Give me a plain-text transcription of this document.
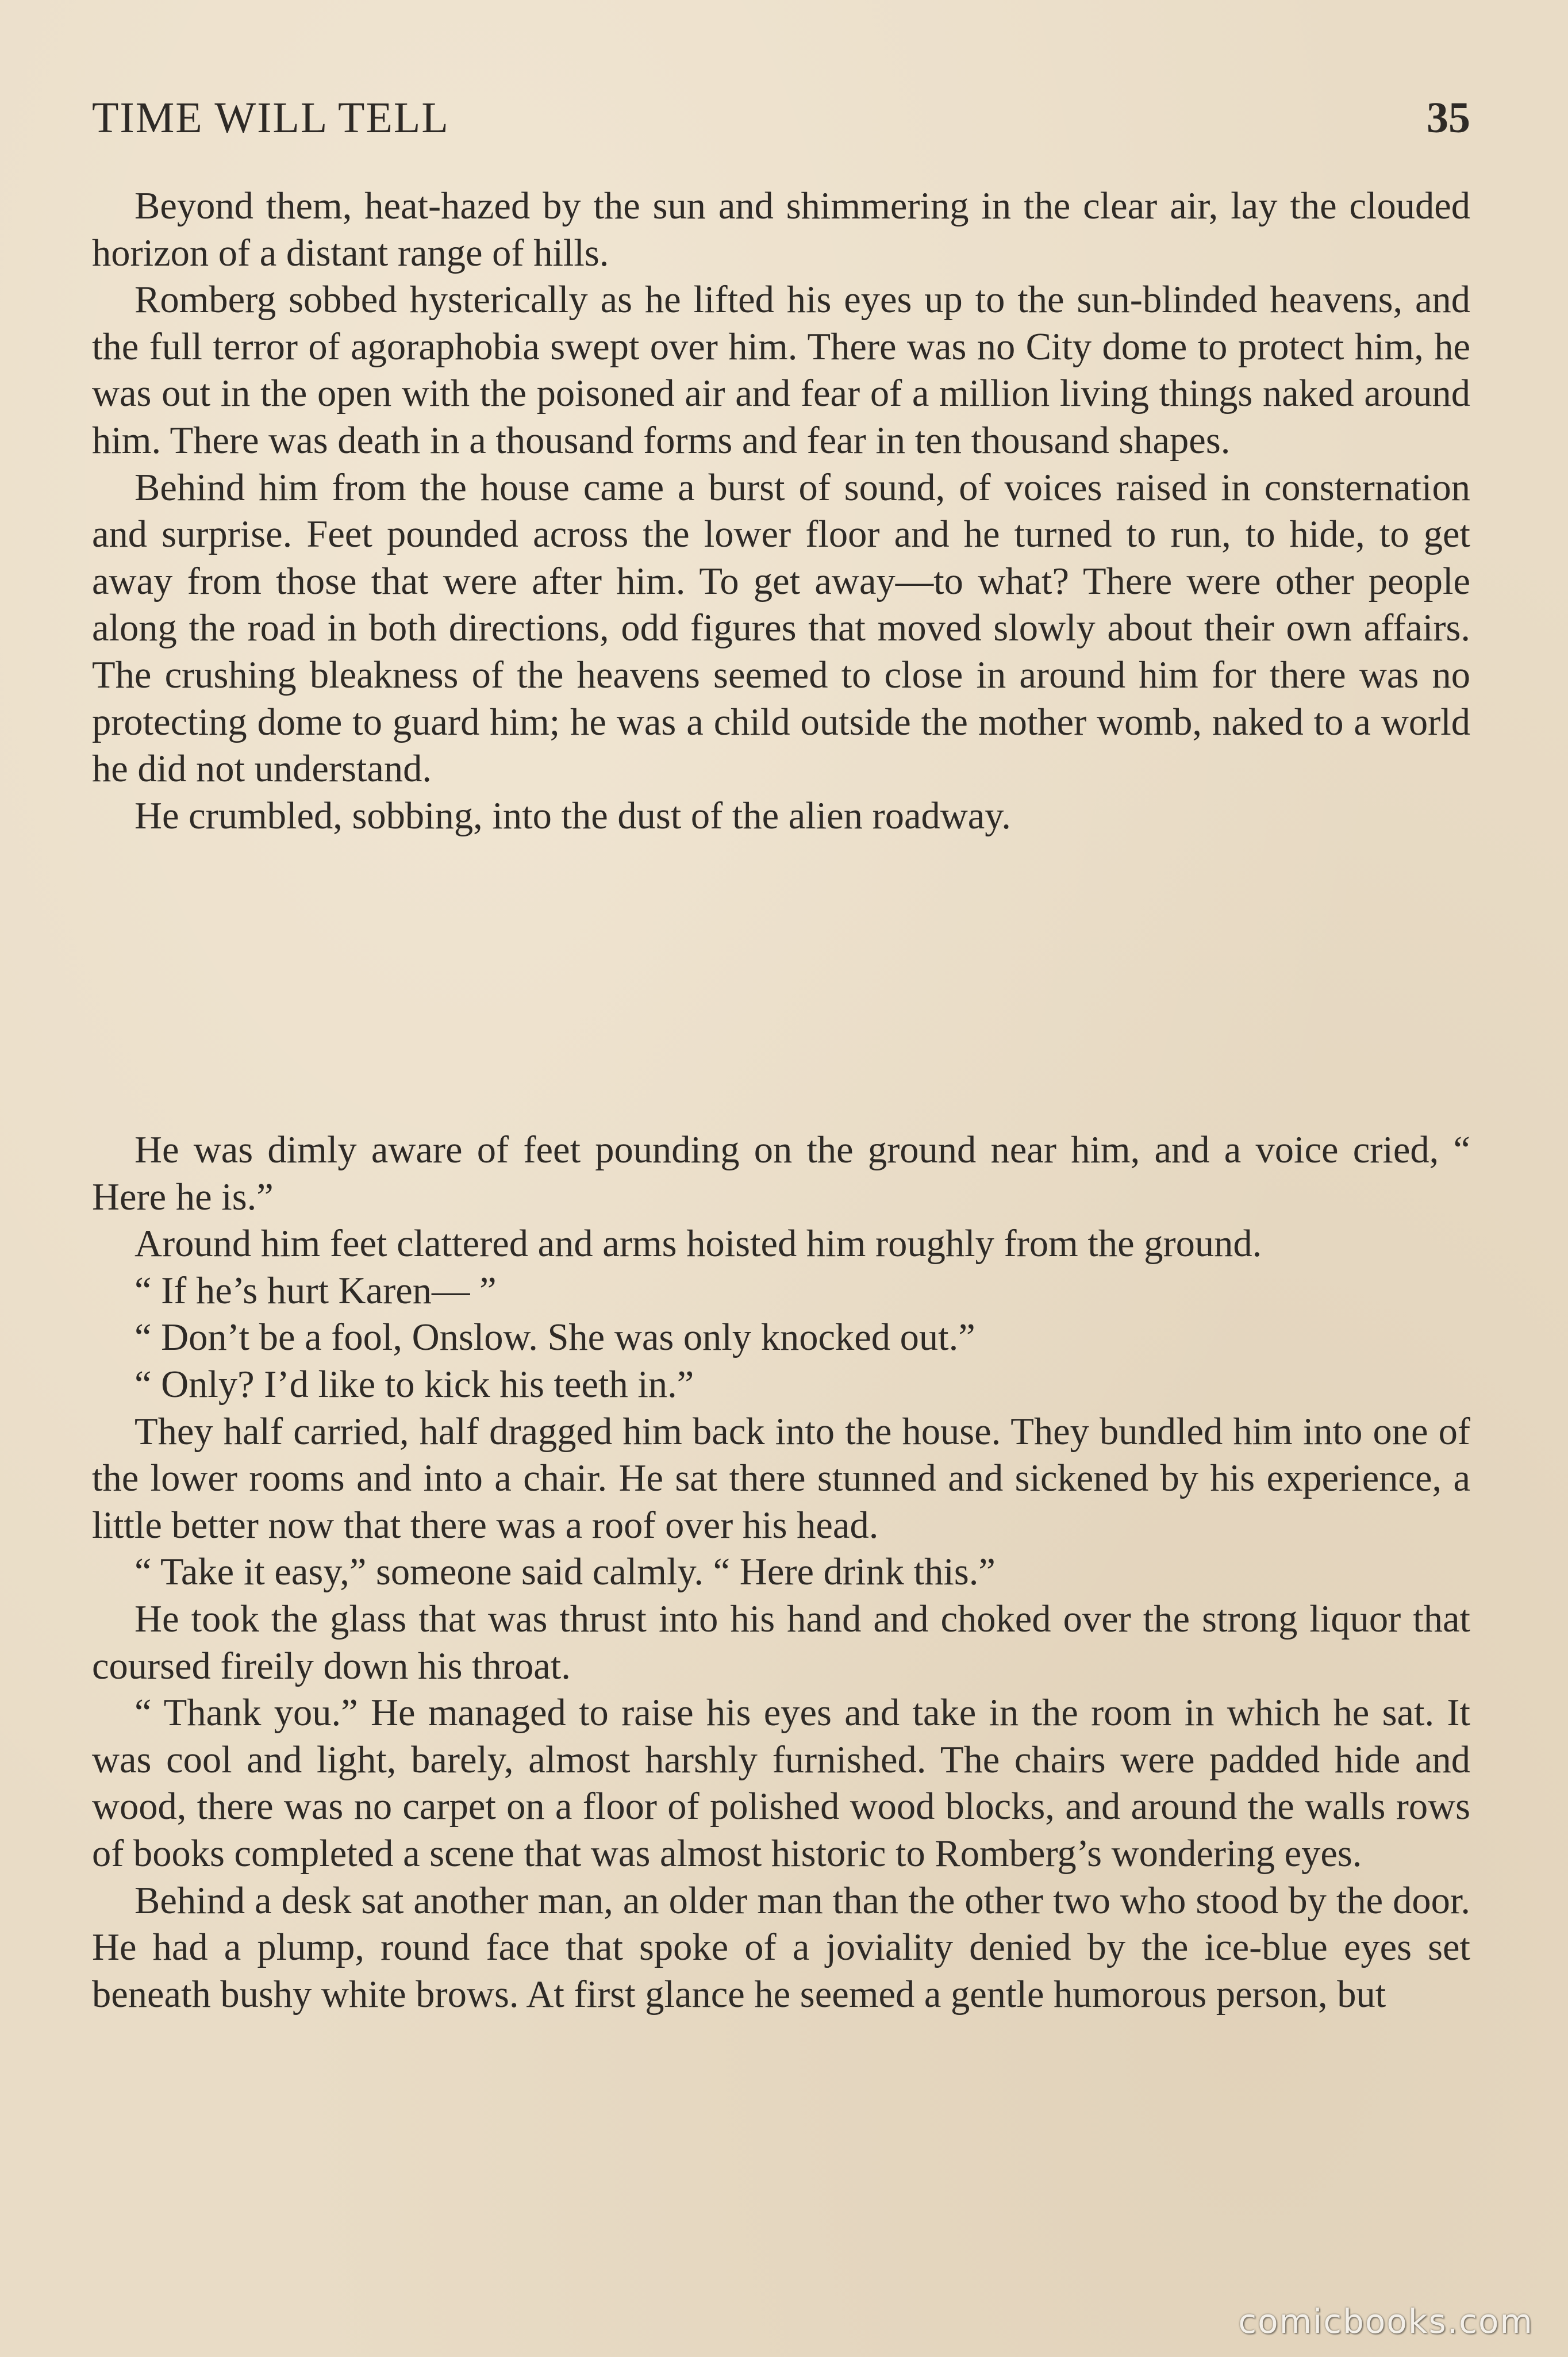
TIME WILL TELL	35

Beyond them, heat-hazed by the sun and shimmering in the clear air, lay the clouded horizon of a distant range of hills.

Romberg sobbed hysterically as he lifted his eyes up to the sun-blinded heavens, and the full terror of agoraphobia swept over him. There was no City dome to protect him, he was out in the open with the poisoned air and fear of a million living things naked around him. There was death in a thousand forms and fear in ten thousand shapes.

Behind him from the house came a burst of sound, of voices raised in consternation and surprise. Feet pounded across the lower floor and he turned to run, to hide, to get away from those that were after him. To get away—to what? There were other people along the road in both directions, odd figures that moved slowly about their own affairs. The crushing bleakness of the heavens seemed to close in around him for there was no protecting dome to guard him; he was a child outside the mother womb, naked to a world he did not understand.

He crumbled, sobbing, into the dust of the alien roadway.

He was dimly aware of feet pounding on the ground near him, and a voice cried, “ Here he is.”

Around him feet clattered and arms hoisted him roughly from the ground.

“ If he’s hurt Karen— ”

“ Don’t be a fool, Onslow. She was only knocked out.”

“ Only? I’d like to kick his teeth in.”

They half carried, half dragged him back into the house. They bundled him into one of the lower rooms and into a chair. He sat there stunned and sickened by his experience, a little better now that there was a roof over his head.

“ Take it easy,” someone said calmly. “ Here drink this.”

He took the glass that was thrust into his hand and choked over the strong liquor that coursed fireily down his throat.

“ Thank you.” He managed to raise his eyes and take in the room in which he sat. It was cool and light, barely, almost harshly furnished. The chairs were padded hide and wood, there was no carpet on a floor of polished wood blocks, and around the walls rows of books completed a scene that was almost historic to Romberg’s wondering eyes.

Behind a desk sat another man, an older man than the other two who stood by the door. He had a plump, round face that spoke of a joviality denied by the ice-blue eyes set beneath bushy white brows. At first glance he seemed a gentle humorous person, but

comicbooks.com
